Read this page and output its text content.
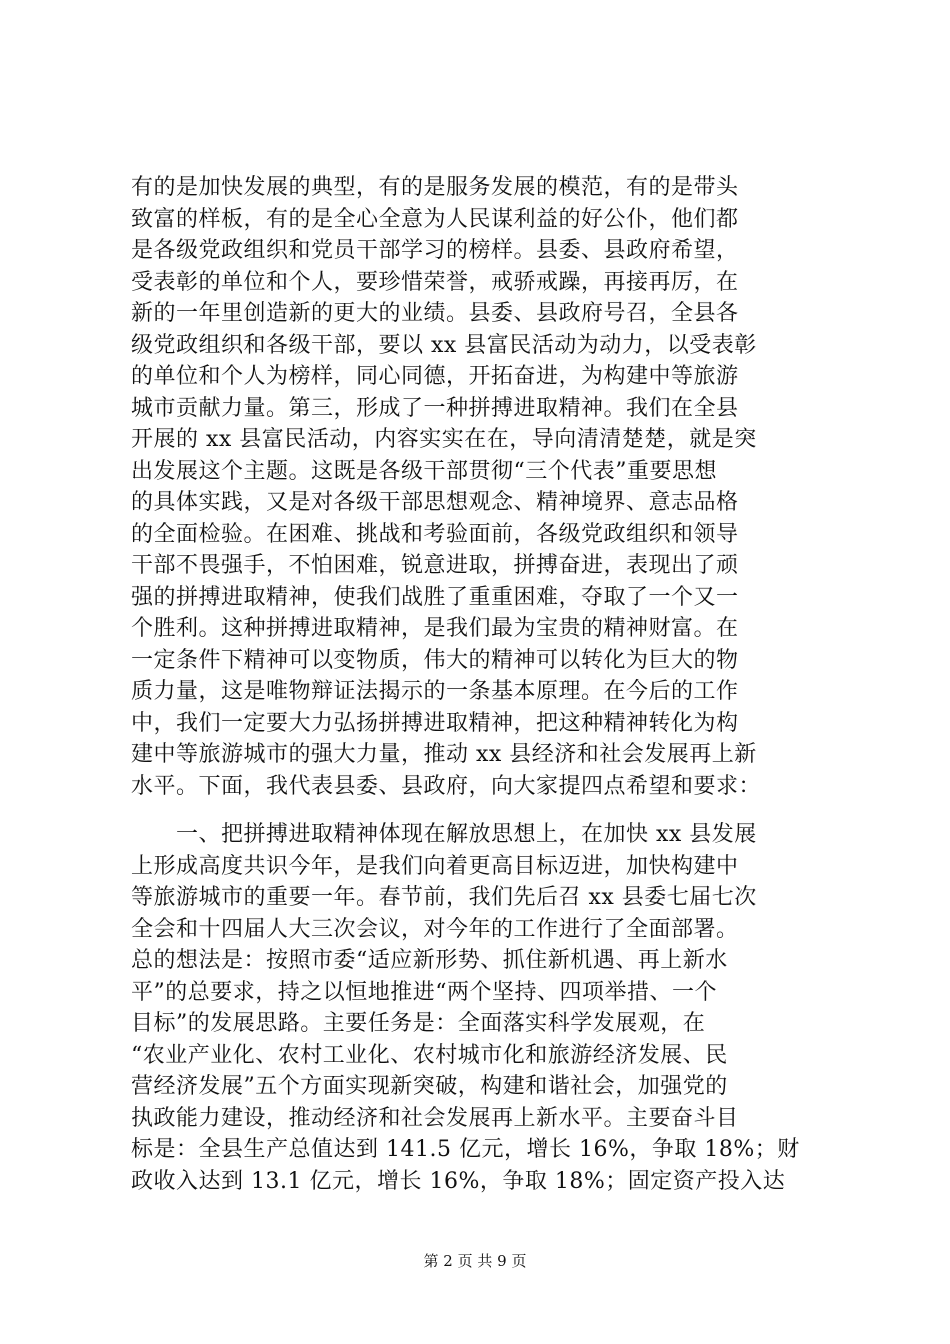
有的是加快发展的典型，有的是服务发展的模范，有的是带头
致富的样板，有的是全心全意为人民谋利益的好公仆，他们都
是各级党政组织和党员干部学习的榜样。县委、县政府希望，
受表彰的单位和个人，要珍惜荣誉，戒骄戒躁，再接再厉，在
新的一年里创造新的更大的业绩。县委、县政府号召，全县各
级党政组织和各级干部，要以 xx 县富民活动为动力，以受表彰
的单位和个人为榜样，同心同德，开拓奋进，为构建中等旅游
城市贡献力量。第三，形成了一种拼搏进取精神。我们在全县
开展的 xx 县富民活动，内容实实在在，导向清清楚楚，就是突
出发展这个主题。这既是各级干部贯彻“三个代表”重要思想
的具体实践，又是对各级干部思想观念、精神境界、意志品格
的全面检验。在困难、挑战和考验面前，各级党政组织和领导
干部不畏强手，不怕困难，锐意进取，拼搏奋进，表现出了顽
强的拼搏进取精神，使我们战胜了重重困难，夺取了一个又一
个胜利。这种拼搏进取精神，是我们最为宝贵的精神财富。在
一定条件下精神可以变物质，伟大的精神可以转化为巨大的物
质力量，这是唯物辩证法揭示的一条基本原理。在今后的工作
中，我们一定要大力弘扬拼搏进取精神，把这种精神转化为构
建中等旅游城市的强大力量，推动 xx 县经济和社会发展再上新
水平。下面，我代表县委、县政府，向大家提四点希望和要求：
　　一、把拼搏进取精神体现在解放思想上，在加快 xx 县发展
上形成高度共识今年，是我们向着更高目标迈进，加快构建中
等旅游城市的重要一年。春节前，我们先后召 xx 县委七届七次
全会和十四届人大三次会议，对今年的工作进行了全面部署。
总的想法是：按照市委“适应新形势、抓住新机遇、再上新水
平”的总要求，持之以恒地推进“两个坚持、四项举措、一个
目标”的发展思路。主要任务是：全面落实科学发展观，在
“农业产业化、农村工业化、农村城市化和旅游经济发展、民
营经济发展”五个方面实现新突破，构建和谐社会，加强党的
执政能力建设，推动经济和社会发展再上新水平。主要奋斗目
标是：全县生产总值达到 141.5 亿元，增长 16%，争取 18%；财
政收入达到 13.1 亿元，增长 16%，争取 18%；固定资产投入达
第 2 页 共 9 页
